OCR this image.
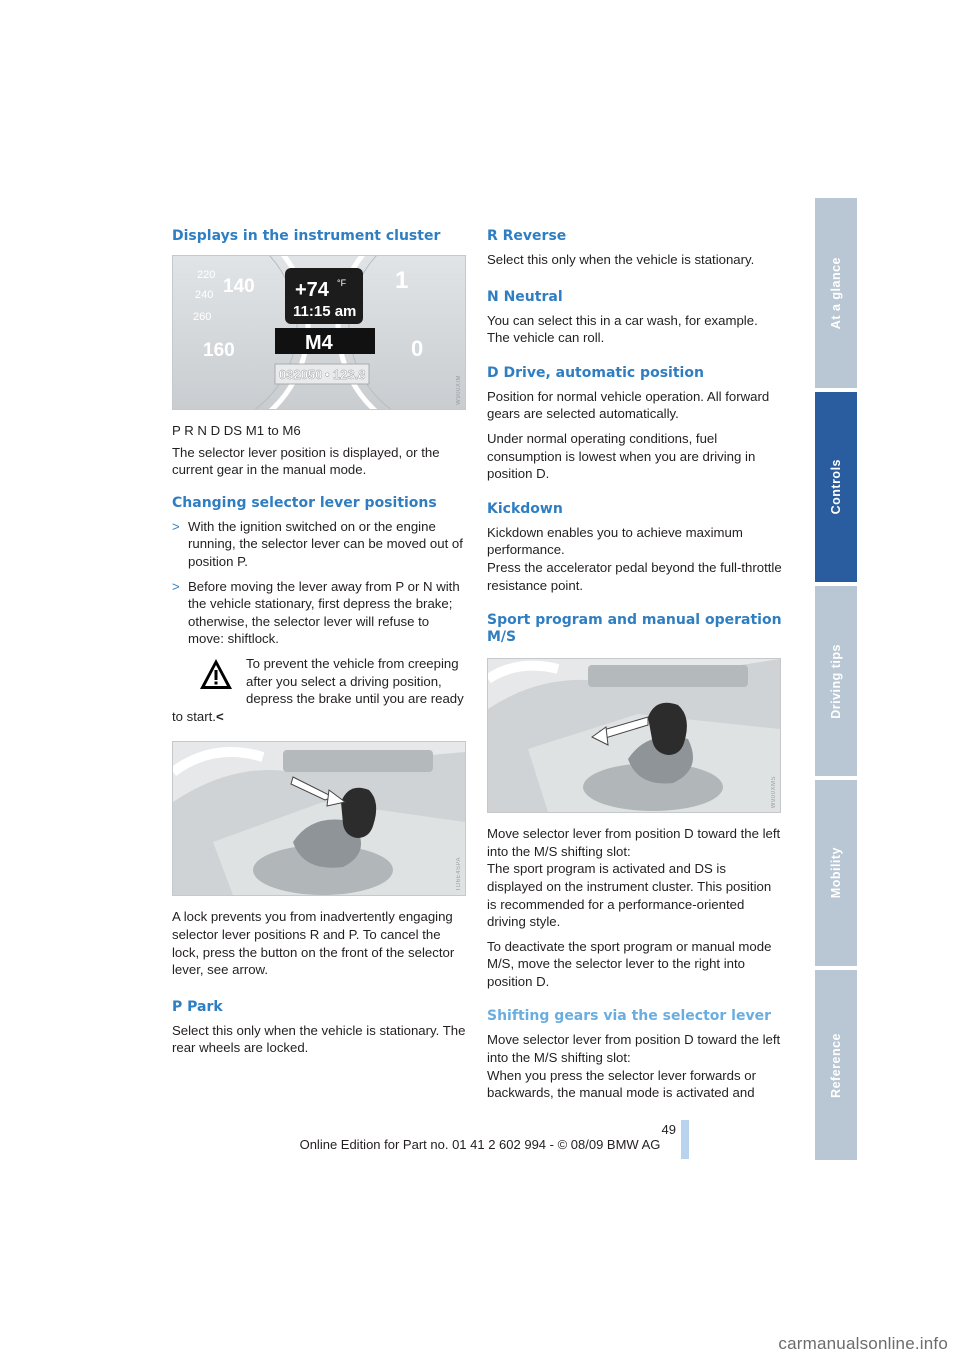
At a glance
Controls
Driving tips
Mobility
Reference
Displays in the instrument cluster
220
240
260
140
160
1
0
+74 °F
11:15 am
M4
032050 • 123.8
W900XIM

P R N D DS M1 to M6

The selector lever position is displayed, or the current gear in the manual mode.

Changing selector lever positions
> With the ignition switched on or the engine running, the selector lever can be moved out of position P.
> Before moving the lever away from P or N with the vehicle stationary, first depress the brake; otherwise, the selector lever will refuse to move: shiftlock.
To prevent the vehicle from creeping after you select a driving position, depress the brake until you are ready to start.<
TD6E4SPA

A lock prevents you from inadvertently engaging selector lever positions R and P. To cancel the lock, press the button on the front of the selector lever, see arrow.

P Park

Select this only when the vehicle is stationary. The rear wheels are locked.

R Reverse

Select this only when the vehicle is stationary.

N Neutral

You can select this in a car wash, for example. The vehicle can roll.

D Drive, automatic position

Position for normal vehicle operation. All forward gears are selected automatically.

Under normal operating conditions, fuel consumption is lowest when you are driving in position D.

Kickdown

Kickdown enables you to achieve maximum performance.

Press the accelerator pedal beyond the full-throttle resistance point.

Sport program and manual operation M/S
W900XMS

Move selector lever from position D toward the left into the M/S shifting slot:

The sport program is activated and DS is displayed on the instrument cluster. This position is recommended for a performance-oriented driving style.

To deactivate the sport program or manual mode M/S, move the selector lever to the right into position D.

Shifting gears via the selector lever

Move selector lever from position D toward the left into the M/S shifting slot:

When you press the selector lever forwards or backwards, the manual mode is activated and

49
Online Edition for Part no. 01 41 2 602 994 - © 08/09 BMW AG
carmanualsonline.info
